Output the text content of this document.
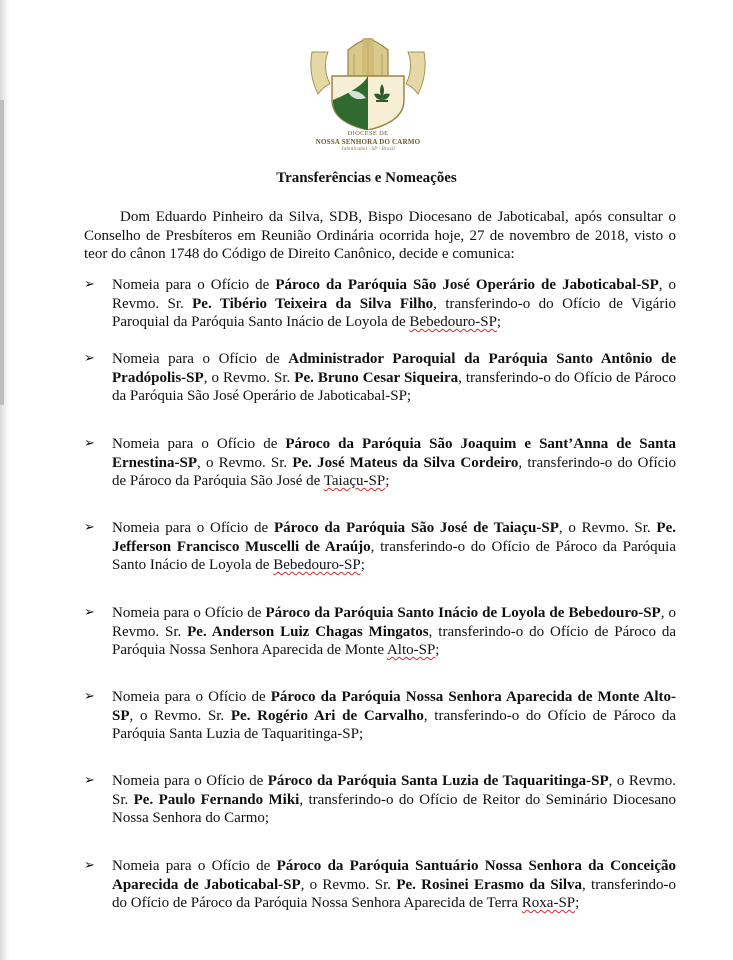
DIOCESE DE
NOSSA SENHORA DO CARMO
Jaboticabal · SP · Brasil
Transferências e Nomeações

Dom Eduardo Pinheiro da Silva, SDB, Bispo Diocesano de Jaboticabal, após consultar o Conselho de Presbíteros em Reunião Ordinária ocorrida hoje, 27 de novembro de 2018, visto o teor do cânon 1748 do Código de Direito Canônico, decide e comunica:

➢ Nomeia para o Ofício de Pároco da Paróquia São José Operário de Jaboticabal-SP, o Revmo. Sr. Pe. Tibério Teixeira da Silva Filho, transferindo-o do Ofício de Vigário Paroquial da Paróquia Santo Inácio de Loyola de Bebedouro-SP;
➢ Nomeia para o Ofício de Administrador Paroquial da Paróquia Santo Antônio de Pradópolis-SP, o Revmo. Sr. Pe. Bruno Cesar Siqueira, transferindo-o do Ofício de Pároco da Paróquia São José Operário de Jaboticabal-SP;
➢ Nomeia para o Ofício de Pároco da Paróquia São Joaquim e Sant’Anna de Santa Ernestina-SP, o Revmo. Sr. Pe. José Mateus da Silva Cordeiro, transferindo-o do Ofício de Pároco da Paróquia São José de Taiaçu-SP;
➢ Nomeia para o Ofício de Pároco da Paróquia São José de Taiaçu-SP, o Revmo. Sr. Pe. Jefferson Francisco Muscelli de Araújo, transferindo-o do Ofício de Pároco da Paróquia Santo Inácio de Loyola de Bebedouro-SP;
➢ Nomeia para o Ofício de Pároco da Paróquia Santo Inácio de Loyola de Bebedouro-SP, o Revmo. Sr. Pe. Anderson Luiz Chagas Mingatos, transferindo-o do Ofício de Pároco da Paróquia Nossa Senhora Aparecida de Monte Alto-SP;
➢ Nomeia para o Ofício de Pároco da Paróquia Nossa Senhora Aparecida de Monte Alto-SP, o Revmo. Sr. Pe. Rogério Ari de Carvalho, transferindo-o do Ofício de Pároco da Paróquia Santa Luzia de Taquaritinga-SP;
➢ Nomeia para o Ofício de Pároco da Paróquia Santa Luzia de Taquaritinga-SP, o Revmo. Sr. Pe. Paulo Fernando Miki, transferindo-o do Ofício de Reitor do Seminário Diocesano Nossa Senhora do Carmo;
➢ Nomeia para o Ofício de Pároco da Paróquia Santuário Nossa Senhora da Conceição Aparecida de Jaboticabal-SP, o Revmo. Sr. Pe. Rosinei Erasmo da Silva, transferindo-o do Ofício de Pároco da Paróquia Nossa Senhora Aparecida de Terra Roxa-SP;
